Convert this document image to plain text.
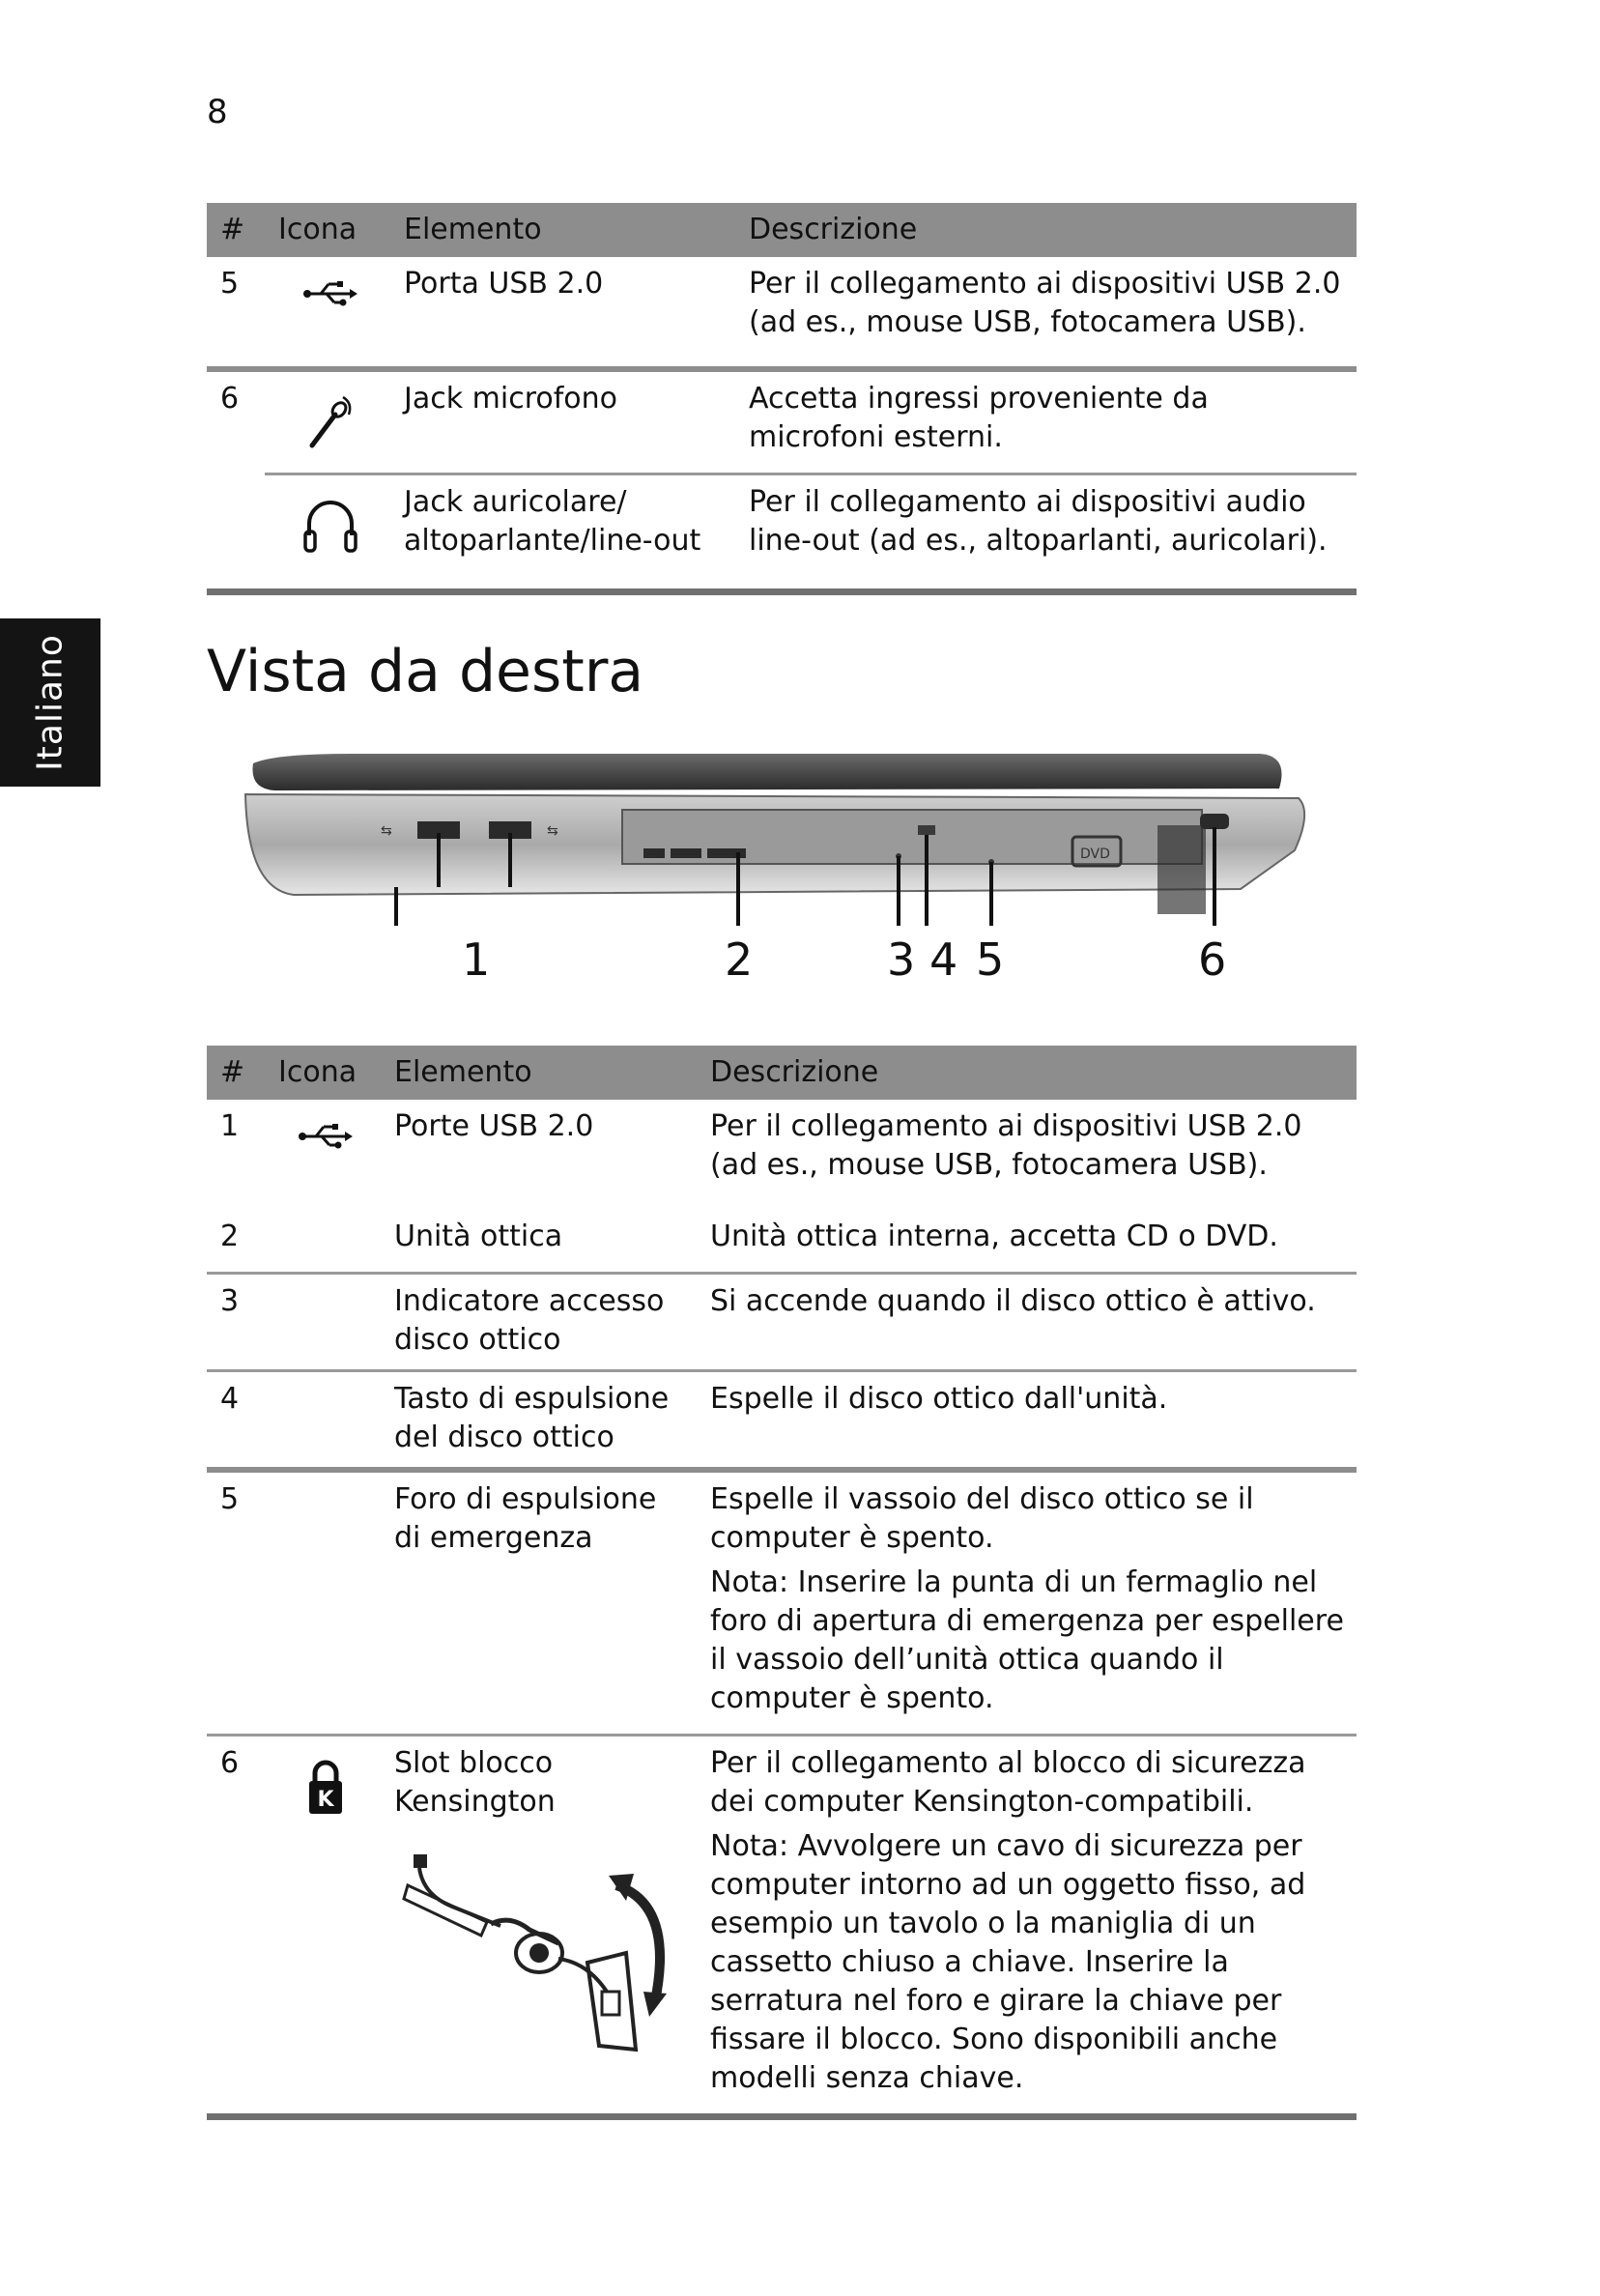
8
Italiano
#	Icona	Elemento	Descrizione
5		Porta USB 2.0	Per il collegamento ai dispositivi USB 2.0 (ad es., mouse USB, fotocamera USB).

6		Jack microfono	Accetta ingressi proveniente da microfoni esterni.

		Jack auricolare/ altoparlante/line-out	Per il collegamento ai dispositivi audio line-out (ad es., altoparlanti, auricolari).

Vista da destra
⇆	⇆
DVD
1	2	3 4 5	6
#	Icona	Elemento	Descrizione
1		Porte USB 2.0	Per il collegamento ai dispositivi USB 2.0 (ad es., mouse USB, fotocamera USB).

2		Unità ottica	Unità ottica interna, accetta CD o DVD.

3		Indicatore accesso disco ottico	Si accende quando il disco ottico è attivo.

4		Tasto di espulsione del disco ottico	Espelle il disco ottico dall'unità.

5		Foro di espulsione di emergenza	Espelle il vassoio del disco ottico se il computer è spento.

Nota: Inserire la punta di un fermaglio nel foro di apertura di emergenza per espellere il vassoio dell’unità ottica quando il computer è spento.

6	K	Slot blocco Kensington	Per il collegamento al blocco di sicurezza dei computer Kensington-compatibili.

Nota: Avvolgere un cavo di sicurezza per computer intorno ad un oggetto fisso, ad esempio un tavolo o la maniglia di un cassetto chiuso a chiave. Inserire la serratura nel foro e girare la chiave per fissare il blocco. Sono disponibili anche modelli senza chiave.
